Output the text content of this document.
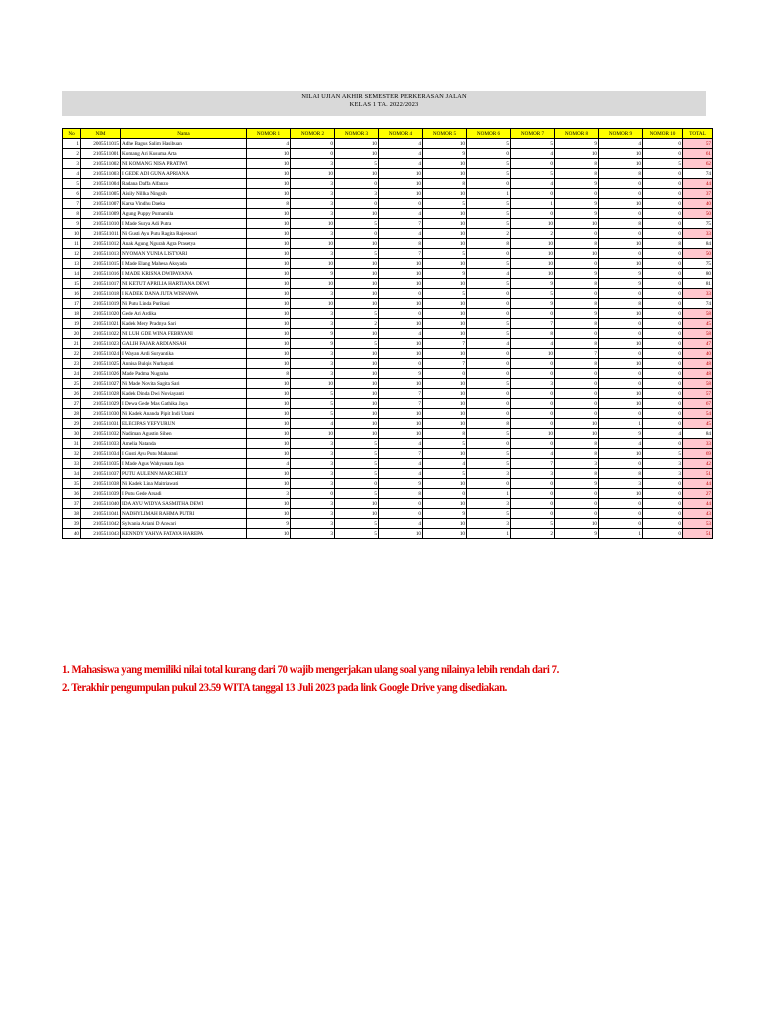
NILAI UJIAN AKHIR SEMESTER PERKERASAN JALAN
KELAS 1 TA. 2022/2023
No	NIM	Nama	NOMOR 1	NOMOR 2	NOMOR 3	NOMOR 4	NOMOR 5	NOMOR 6	NOMOR 7	NOMOR 8	NOMOR 9	NOMOR 10	TOTAL
1	2005511015	Adhe Bagus Salim Hasibuan	4	0	10	4	10	5	5	9	4	0	57
2	2105511001	Komang Ari Kusuma Arta	10	0	10	4	9	0	4	10	10	0	61
3	2105511002	NI KOMANG NISA PRATIWI	10	3	5	4	10	5	0	8	10	5	62
4	2105511003	I GEDE ADI GUNA APRIANA	10	10	10	10	10	5	5	8	8	0	74
5	2105511004	Radana Daffa Alfanzo	10	3	0	10	8	0	4	9	0	0	44
6	2105511005	Aisily Nillka Ningsih	10	3	3	10	10	1	0	0	0	0	37
7	2105511007	Karsa Vindhu Daeka	8	3	0	0	5	5	1	9	10	0	40
8	2105511009	Agung Puppy Purnamila	10	3	10	4	10	5	0	9	0	0	50
9	2105511010	I Made Surya Adi Putra	10	10	5	7	10	5	10	10	8	0	75
10	2105511011	Ni Gusti Ayu Putu Ragita Rajeswari	10	3	0	4	10	2	2	0	0	0	33
11	2105511012	Anak Agung Ngurah Agra Prasetya	10	10	10	8	10	8	10	8	10	8	84
12	2105511013	NYOMAN YUNIA LISTYARI	10	3	5	7	5	0	10	10	0	0	50
13	2105511015	I Made Elang Mahesa Aksyada	10	10	10	10	10	5	10	0	10	0	75
14	2105511016	I MADE KRISNA DWIPAYANA	10	9	10	10	9	4	10	9	9	0	80
15	2105511017	NI KETUT APRILIA HARTIANA DEWI	10	10	10	10	10	5	9	8	9	0	81
16	2105511018	I KADEK DANA JUTA WISNAWA	10	3	10	0	5	0	5	0	0	0	33
17	2105511019	Ni Putu Linda Purikasi	10	10	10	10	10	0	9	8	8	0	74
18	2105511020	Gede Ari Ardika	10	3	5	0	10	0	0	9	10	0	58
19	2105511021	Kadek Mery Pradnya Sari	10	3	2	10	10	5	7	8	0	0	45
20	2105511022	NI LUH GDE WINA FEBRYANI	10	9	10	4	10	5	8	0	0	0	58
21	2105511023	GALIH FAJAR ARDIANSAH	10	9	5	10	7	4	4	8	10	0	47
22	2105511024	I Wayan Ardi Suryantika	10	3	10	10	10	0	10	7	0	0	40
23	2105511025	Annisa Bulqis Nurhayati	10	3	10	0	7	0	0	8	10	0	48
24	2105511026	Made Padma Nugraha	8	3	10	9	0	0	0	0	0	0	48
25	2105511027	Ni Made Novita Sagita Sari	10	10	10	10	10	5	3	0	0	0	58
26	2105511028	Kadek Dinda Dwi Noviayanti	10	5	10	7	10	0	0	0	10	0	57
27	2105511029	I Dewa Gede Mas Gathika Jaya	10	5	10	7	10	0	0	0	10	0	67
28	2105511030	Ni Kadek Ananda Pipit Indi Utami	10	5	10	10	10	0	0	0	0	0	54
29	2105511031	ELECIPAS YEFYURUN	10	4	10	10	10	8	0	10	1	0	45
30	2105511032	Nadiman Agustin Sihen	10	10	10	10	8	5	10	10	9	4	84
31	2105511033	Amelia Natanda	10	3	5	4	5	0	0	8	4	0	33
32	2105511034	I Gusti Ayu Putu Maharani	10	3	5	7	10	5	4	8	10	5	69
33	2105511035	I Made Agus Wahyunata Jaya	4	3	5	4	4	5	7	3	0	3	42
34	2105511037	PUTU AULENN MARCHELY	10	3	5	4	5	3	3	8	8	3	51
35	2105511038	Ni Kadek Lina Maitriawati	10	3	0	9	10	0	0	9	3	0	44
36	2105511039	I Putu Gede Arsadi	3	0	5	8	0	1	0	0	10	0	27
37	2105511040	IDA AYU WIDYA SASMITHA DEWI	10	3	10	0	10	3	0	0	0	0	44
38	2105511041	NADHYLIMAH RAHMA PUTRI	10	3	10	0	9	5	0	0	0	0	43
39	2105511042	Sylvania Ariani D Anwari	9	3	5	4	10	3	5	10	0	0	53
40	2105511043	KENNDY YAHYA FATAYA HAREPA	10	3	5	10	10	1	2	9	1	0	51
1. Mahasiswa yang memiliki nilai total kurang dari 70 wajib mengerjakan ulang soal yang nilainya lebih rendah dari 7.
2. Terakhir pengumpulan pukul 23.59 WITA tanggal 13 Juli 2023 pada link Google Drive yang disediakan.
